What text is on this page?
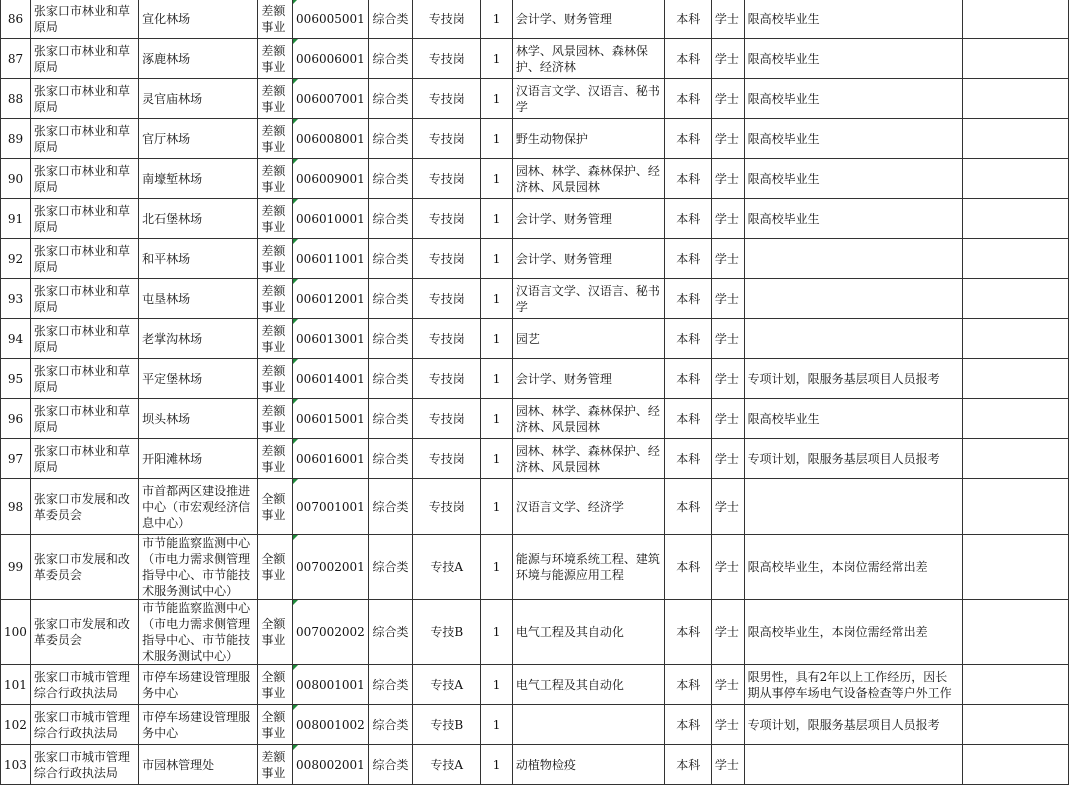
86	张家口市林业和草原局	宣化林场	差额事业	006005001	综合类	专技岗	1	会计学、财务管理	本科	学士	限高校毕业生	
87	张家口市林业和草原局	涿鹿林场	差额事业	006006001	综合类	专技岗	1	林学、风景园林、森林保护、经济林	本科	学士	限高校毕业生	
88	张家口市林业和草原局	灵官庙林场	差额事业	006007001	综合类	专技岗	1	汉语言文学、汉语言、秘书学	本科	学士	限高校毕业生	
89	张家口市林业和草原局	官厅林场	差额事业	006008001	综合类	专技岗	1	野生动物保护	本科	学士	限高校毕业生	
90	张家口市林业和草原局	南壕堑林场	差额事业	006009001	综合类	专技岗	1	园林、林学、森林保护、经济林、风景园林	本科	学士	限高校毕业生	
91	张家口市林业和草原局	北石堡林场	差额事业	006010001	综合类	专技岗	1	会计学、财务管理	本科	学士	限高校毕业生	
92	张家口市林业和草原局	和平林场	差额事业	006011001	综合类	专技岗	1	会计学、财务管理	本科	学士		
93	张家口市林业和草原局	屯垦林场	差额事业	006012001	综合类	专技岗	1	汉语言文学、汉语言、秘书学	本科	学士		
94	张家口市林业和草原局	老掌沟林场	差额事业	006013001	综合类	专技岗	1	园艺	本科	学士		
95	张家口市林业和草原局	平定堡林场	差额事业	006014001	综合类	专技岗	1	会计学、财务管理	本科	学士	专项计划，限服务基层项目人员报考	
96	张家口市林业和草原局	坝头林场	差额事业	006015001	综合类	专技岗	1	园林、林学、森林保护、经济林、风景园林	本科	学士	限高校毕业生	
97	张家口市林业和草原局	开阳滩林场	差额事业	006016001	综合类	专技岗	1	园林、林学、森林保护、经济林、风景园林	本科	学士	专项计划，限服务基层项目人员报考	
98	张家口市发展和改革委员会	市首都两区建设推进中心（市宏观经济信息中心）	全额事业	007001001	综合类	专技岗	1	汉语言文学、经济学	本科	学士		
99	张家口市发展和改革委员会	市节能监察监测中心（市电力需求侧管理指导中心、市节能技术服务测试中心）	全额事业	007002001	综合类	专技A	1	能源与环境系统工程、建筑环境与能源应用工程	本科	学士	限高校毕业生，本岗位需经常出差	
100	张家口市发展和改革委员会	市节能监察监测中心（市电力需求侧管理指导中心、市节能技术服务测试中心）	全额事业	007002002	综合类	专技B	1	电气工程及其自动化	本科	学士	限高校毕业生，本岗位需经常出差	
101	张家口市城市管理综合行政执法局	市停车场建设管理服务中心	全额事业	008001001	综合类	专技A	1	电气工程及其自动化	本科	学士	限男性，具有2年以上工作经历，因长期从事停车场电气设备检查等户外工作	
102	张家口市城市管理综合行政执法局	市停车场建设管理服务中心	全额事业	008001002	综合类	专技B	1		本科	学士	专项计划，限服务基层项目人员报考	
103	张家口市城市管理综合行政执法局	市园林管理处	差额事业	008002001	综合类	专技A	1	动植物检疫	本科	学士		
